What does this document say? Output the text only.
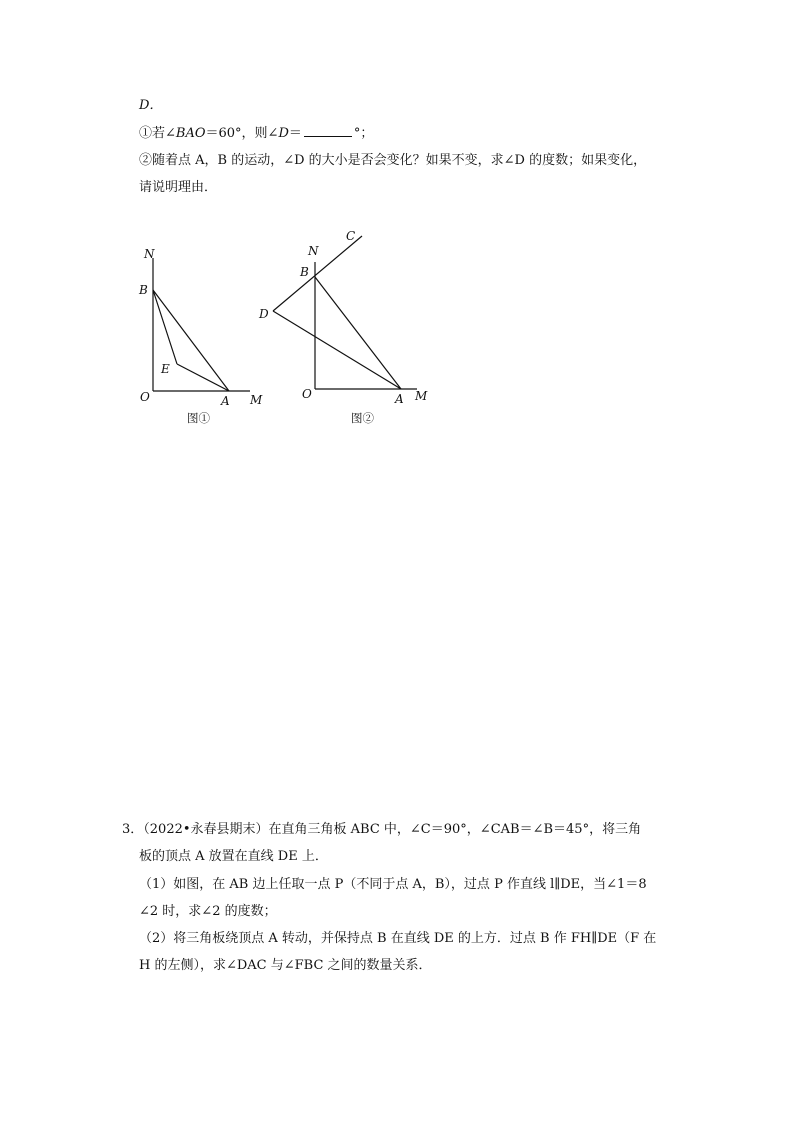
D．
①若∠BAO＝60°，则∠D＝	°；
②随着点 A，B 的运动，∠D 的大小是否会变化？如果不变，求∠D 的度数；如果变化，
请说明理由．
N
B
E
O	A M
图①
C
N
B
D
O	A M
图②
3．（2022•永春县期末）在直角三角板 ABC 中，∠C＝90°，∠CAB＝∠B＝45°，将三角
板的顶点 A 放置在直线 DE 上．
（1）如图，在 AB 边上任取一点 P（不同于点 A，B），过点 P 作直线 l∥DE，当∠1＝8
∠2 时，求∠2 的度数；
（2）将三角板绕顶点 A 转动，并保持点 B 在直线 DE 的上方．过点 B 作 FH∥DE（F 在
H 的左侧），求∠DAC 与∠FBC 之间的数量关系．
